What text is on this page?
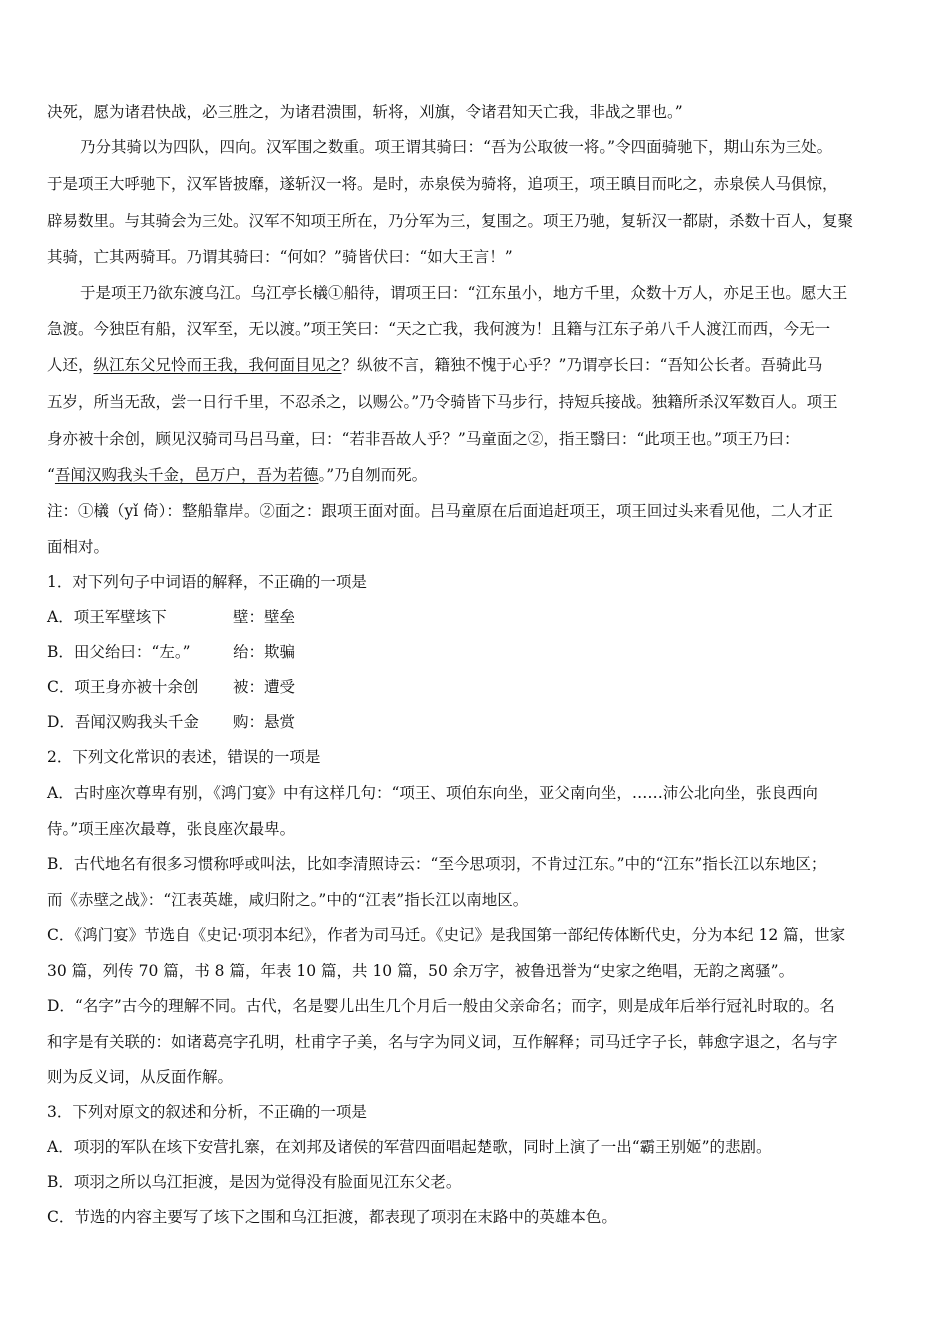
决死，愿为诸君快战，必三胜之，为诸君溃围，斩将，刈旗，令诸君知天亡我，非战之罪也。”
乃分其骑以为四队，四向。汉军围之数重。项王谓其骑曰：“吾为公取彼一将。”令四面骑驰下，期山东为三处。
于是项王大呼驰下，汉军皆披靡，遂斩汉一将。是时，赤泉侯为骑将，追项王，项王瞋目而叱之，赤泉侯人马俱惊，
辟易数里。与其骑会为三处。汉军不知项王所在，乃分军为三，复围之。项王乃驰，复斩汉一都尉，杀数十百人，复聚
其骑，亡其两骑耳。乃谓其骑曰：“何如？”骑皆伏曰：“如大王言！”
于是项王乃欲东渡乌江。乌江亭长檥①船待，谓项王曰：“江东虽小，地方千里，众数十万人，亦足王也。愿大王
急渡。今独臣有船，汉军至，无以渡。”项王笑曰：“天之亡我，我何渡为！且籍与江东子弟八千人渡江而西，今无一
人还，纵江东父兄怜而王我，我何面目见之？纵彼不言，籍独不愧于心乎？”乃谓亭长曰：“吾知公长者。吾骑此马
五岁，所当无敌，尝一日行千里，不忍杀之，以赐公。”乃令骑皆下马步行，持短兵接战。独籍所杀汉军数百人。项王
身亦被十余创，顾见汉骑司马吕马童，曰：“若非吾故人乎？”马童面之②，指王翳曰：“此项王也。”项王乃曰：
“吾闻汉购我头千金，邑万户，吾为若德。”乃自刎而死。
注：①檥（yǐ 倚）：整船靠岸。②面之：跟项王面对面。吕马童原在后面追赶项王，项王回过头来看见他，二人才正
面相对。
1．对下列句子中词语的解释，不正确的一项是
A．项王军壁垓下	壁：壁垒
B．田父绐曰：“左。”	绐：欺骗
C．项王身亦被十余创 被：遭受
D．吾闻汉购我头千金 购：悬赏
2．下列文化常识的表述，错误的一项是
A．古时座次尊卑有别，《鸿门宴》中有这样几句：“项王、项伯东向坐，亚父南向坐，……沛公北向坐，张良西向
侍。”项王座次最尊，张良座次最卑。
B．古代地名有很多习惯称呼或叫法，比如李清照诗云：“至今思项羽，不肯过江东。”中的“江东”指长江以东地区；
而《赤壁之战》：“江表英雄，咸归附之。”中的“江表”指长江以南地区。
C．《鸿门宴》节选自《史记·项羽本纪》，作者为司马迁。《史记》是我国第一部纪传体断代史，分为本纪 12 篇，世家
30 篇，列传 70 篇，书 8 篇，年表 10 篇，共 10 篇，50 余万字，被鲁迅誉为“史家之绝唱，无韵之离骚”。
D．“名字”古今的理解不同。古代，名是婴儿出生几个月后一般由父亲命名；而字，则是成年后举行冠礼时取的。名
和字是有关联的：如诸葛亮字孔明，杜甫字子美，名与字为同义词，互作解释；司马迁字子长，韩愈字退之，名与字
则为反义词，从反面作解。
3．下列对原文的叙述和分析，不正确的一项是
A．项羽的军队在垓下安营扎寨，在刘邦及诸侯的军营四面唱起楚歌，同时上演了一出“霸王别姬”的悲剧。
B．项羽之所以乌江拒渡，是因为觉得没有脸面见江东父老。
C．节选的内容主要写了垓下之围和乌江拒渡，都表现了项羽在末路中的英雄本色。
